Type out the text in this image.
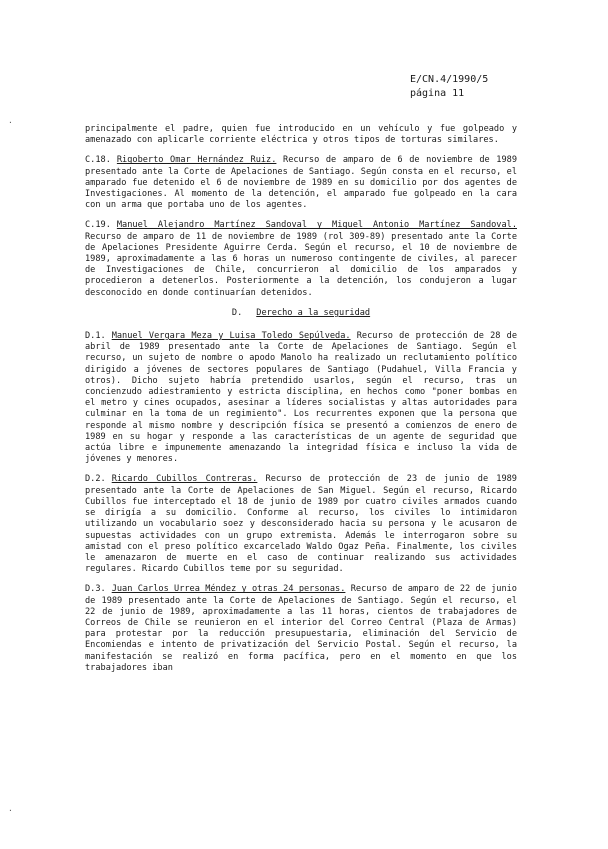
E/CN.4/1990/5
página 11

principalmente el padre, quien fue introducido en un vehículo y fue golpeado y amenazado con aplicarle corriente eléctrica y otros tipos de torturas similares.

C.18. Rigoberto Omar Hernández Ruiz. Recurso de amparo de 6 de noviembre de 1989 presentado ante la Corte de Apelaciones de Santiago. Según consta en el recurso, el amparado fue detenido el 6 de noviembre de 1989 en su domicilio por dos agentes de Investigaciones. Al momento de la detención, el amparado fue golpeado en la cara con un arma que portaba uno de los agentes.

C.19. Manuel Alejandro Martínez Sandoval y Miguel Antonio Martínez Sandoval. Recurso de amparo de 11 de noviembre de 1989 (rol 309-89) presentado ante la Corte de Apelaciones Presidente Aguirre Cerda. Según el recurso, el 10 de noviembre de 1989, aproximadamente a las 6 horas un numeroso contingente de civiles, al parecer de Investigaciones de Chile, concurrieron al domicilio de los amparados y procedieron a detenerlos. Posteriormente a la detención, los condujeron a lugar desconocido en donde continuarían detenidos.

D. Derecho a la seguridad

D.1. Manuel Vergara Meza y Luisa Toledo Sepúlveda. Recurso de protección de 28 de abril de 1989 presentado ante la Corte de Apelaciones de Santiago. Según el recurso, un sujeto de nombre o apodo Manolo ha realizado un reclutamiento político dirigido a jóvenes de sectores populares de Santiago (Pudahuel, Villa Francia y otros). Dicho sujeto habría pretendido usarlos, según el recurso, tras un concienzudo adiestramiento y estricta disciplina, en hechos como "poner bombas en el metro y cines ocupados, asesinar a líderes socialistas y altas autoridades para culminar en la toma de un regimiento". Los recurrentes exponen que la persona que responde al mismo nombre y descripción física se presentó a comienzos de enero de 1989 en su hogar y responde a las características de un agente de seguridad que actúa libre e impunemente amenazando la integridad física e incluso la vida de jóvenes y menores.

D.2. Ricardo Cubillos Contreras. Recurso de protección de 23 de junio de 1989 presentado ante la Corte de Apelaciones de San Miguel. Según el recurso, Ricardo Cubillos fue interceptado el 18 de junio de 1989 por cuatro civiles armados cuando se dirigía a su domicilio. Conforme al recurso, los civiles lo intimidaron utilizando un vocabulario soez y desconsiderado hacia su persona y le acusaron de supuestas actividades con un grupo extremista. Además le interrogaron sobre su amistad con el preso político excarcelado Waldo Ogaz Peña. Finalmente, los civiles le amenazaron de muerte en el caso de continuar realizando sus actividades regulares. Ricardo Cubillos teme por su seguridad.

D.3. Juan Carlos Urrea Méndez y otras 24 personas. Recurso de amparo de 22 de junio de 1989 presentado ante la Corte de Apelaciones de Santiago. Según el recurso, el 22 de junio de 1989, aproximadamente a las 11 horas, cientos de trabajadores de Correos de Chile se reunieron en el interior del Correo Central (Plaza de Armas) para protestar por la reducción presupuestaria, eliminación del Servicio de Encomiendas e intento de privatización del Servicio Postal. Según el recurso, la manifestación se realizó en forma pacífica, pero en el momento en que los trabajadores iban

·
·
